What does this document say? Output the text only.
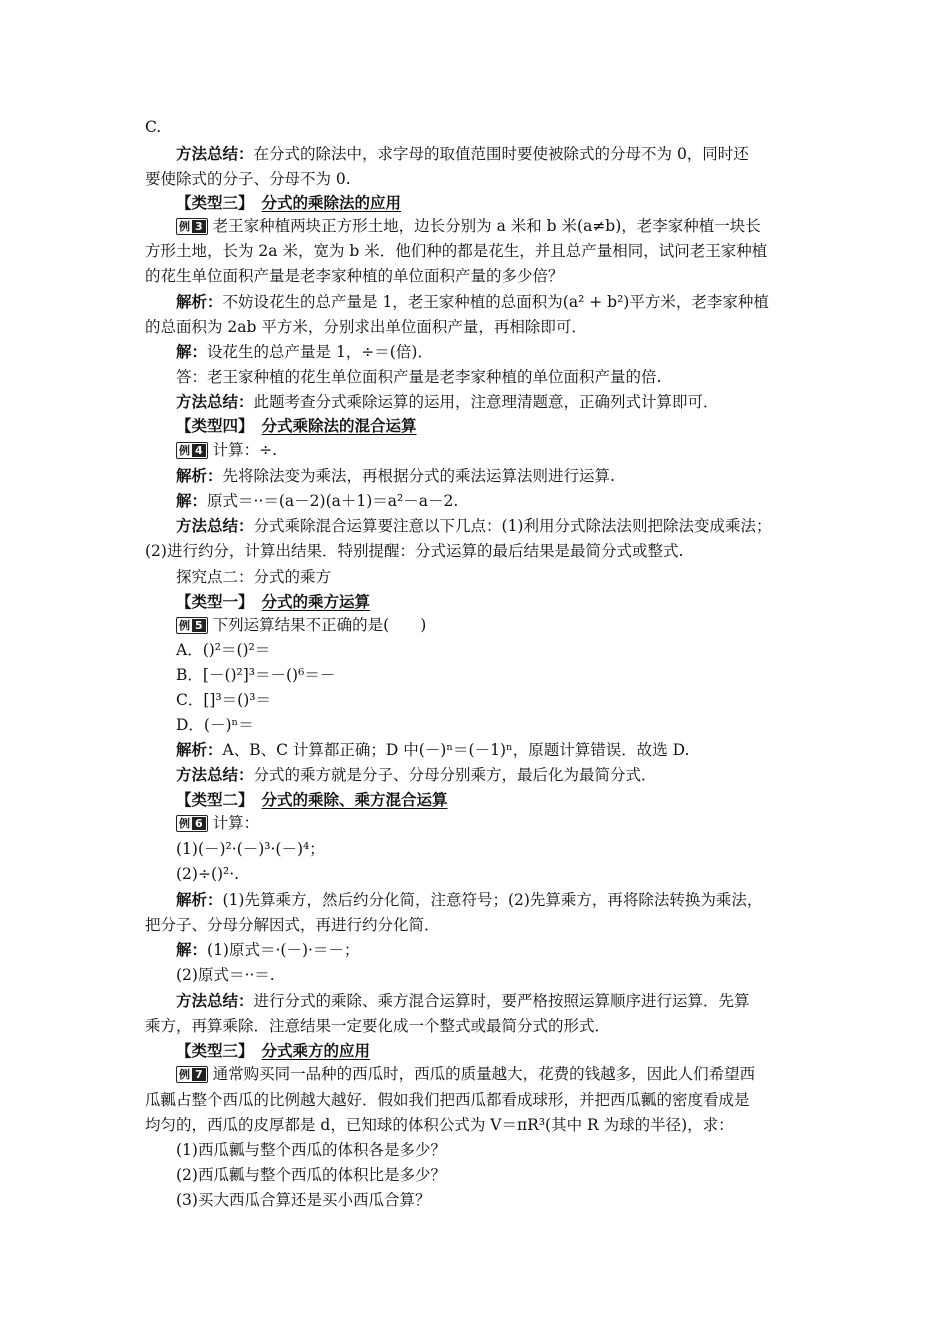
C.
方法总结：在分式的除法中，求字母的取值范围时要使被除式的分母不为 0，同时还
要使除式的分子、分母不为 0.
【类型三】 分式的乘除法的应用
例 3 老王家种植两块正方形土地，边长分别为 a 米和 b 米(a≠b)，老李家种植一块长
方形土地，长为 2a 米，宽为 b 米．他们种的都是花生，并且总产量相同，试问老王家种植
的花生单位面积产量是老李家种植的单位面积产量的多少倍？
解析：不妨设花生的总产量是 1，老王家种植的总面积为(a² + b²)平方米，老李家种植
的总面积为 2ab 平方米，分别求出单位面积产量，再相除即可．
解：设花生的总产量是 1，÷＝(倍)．
答：老王家种植的花生单位面积产量是老李家种植的单位面积产量的倍.
方法总结：此题考查分式乘除运算的运用，注意理清题意，正确列式计算即可．
【类型四】 分式乘除法的混合运算
例 4 计算：÷.
解析：先将除法变为乘法，再根据分式的乘法运算法则进行运算.
解：原式＝··＝(a－2)(a＋1)＝a²－a－2.
方法总结：分式乘除混合运算要注意以下几点：(1)利用分式除法法则把除法变成乘法；
(2)进行约分，计算出结果．特别提醒：分式运算的最后结果是最简分式或整式.
探究点二：分式的乘方
【类型一】 分式的乘方运算
例 5 下列运算结果不正确的是(　　)
A．()²＝()²＝
B．[－()²]³＝－()⁶＝－
C．[]³＝()³＝
D．(－)ⁿ＝
解析：A、B、C 计算都正确；D 中(－)ⁿ＝(－1)ⁿ，原题计算错误．故选 D.
方法总结：分式的乘方就是分子、分母分别乘方，最后化为最简分式．
【类型二】 分式的乘除、乘方混合运算
例 6 计算：
(1)(－)²·(－)³·(－)⁴；
(2)÷()²·.
解析：(1)先算乘方，然后约分化简，注意符号；(2)先算乘方，再将除法转换为乘法，
把分子、分母分解因式，再进行约分化简．
解：(1)原式＝·(－)·＝－；
(2)原式＝··＝.
方法总结：进行分式的乘除、乘方混合运算时，要严格按照运算顺序进行运算．先算
乘方，再算乘除．注意结果一定要化成一个整式或最简分式的形式．
【类型三】 分式乘方的应用
例 7 通常购买同一品种的西瓜时，西瓜的质量越大，花费的钱越多，因此人们希望西
瓜瓤占整个西瓜的比例越大越好．假如我们把西瓜都看成球形，并把西瓜瓤的密度看成是
均匀的，西瓜的皮厚都是 d，已知球的体积公式为 V＝πR³(其中 R 为球的半径)，求：
(1)西瓜瓤与整个西瓜的体积各是多少？
(2)西瓜瓤与整个西瓜的体积比是多少？
(3)买大西瓜合算还是买小西瓜合算？
